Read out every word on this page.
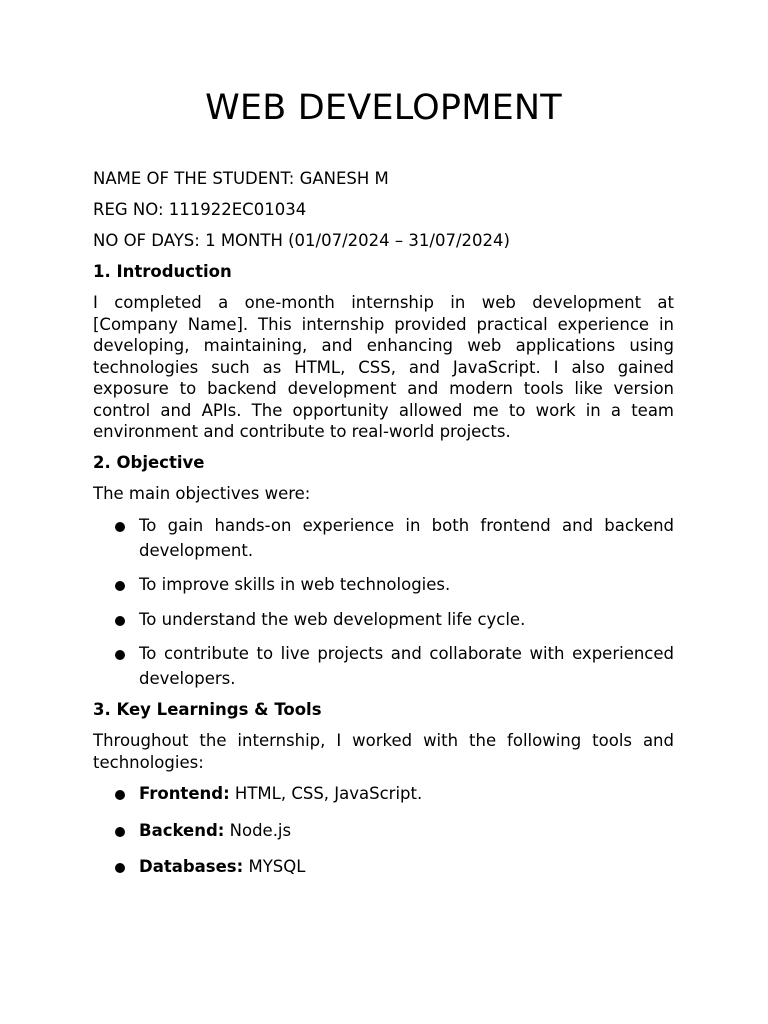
WEB DEVELOPMENT

NAME OF THE STUDENT: GANESH M

REG NO: 111922EC01034

NO OF DAYS: 1 MONTH (01/07/2024 – 31/07/2024)

1. Introduction

I completed a one-month internship in web development at [Company Name]. This internship provided practical experience in developing, maintaining, and enhancing web applications using technologies such as HTML, CSS, and JavaScript. I also gained exposure to backend development and modern tools like version control and APIs. The opportunity allowed me to work in a team environment and contribute to real-world projects.

2. Objective

The main objectives were:

To gain hands-on experience in both frontend and backend development.
To improve skills in web technologies.
To understand the web development life cycle.
To contribute to live projects and collaborate with experienced developers.
3. Key Learnings & Tools

Throughout the internship, I worked with the following tools and technologies:

Frontend: HTML, CSS, JavaScript.
Backend: Node.js
Databases: MYSQL
